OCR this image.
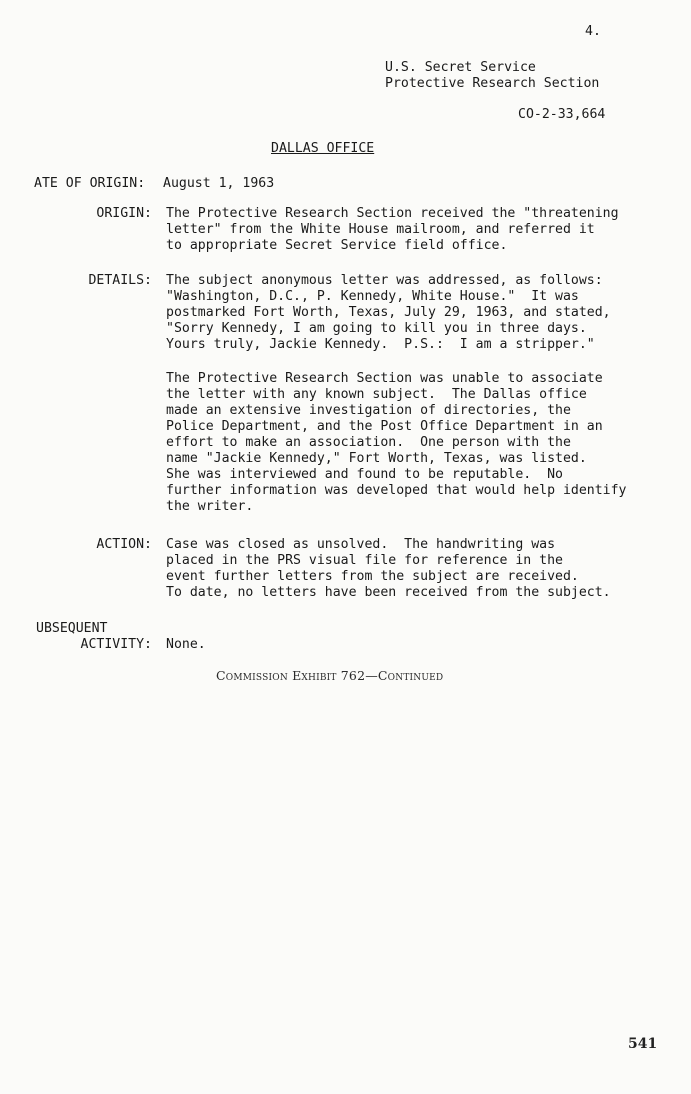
4.
U.S. Secret Service
Protective Research Section
CO-2-33,664
DALLAS OFFICE
ATE OF ORIGIN: August 1, 1963
ORIGIN: The Protective Research Section received the "threatening
letter" from the White House mailroom, and referred it
to appropriate Secret Service field office.
DETAILS: The subject anonymous letter was addressed, as follows:
"Washington, D.C., P. Kennedy, White House."  It was
postmarked Fort Worth, Texas, July 29, 1963, and stated,
"Sorry Kennedy, I am going to kill you in three days.
Yours truly, Jackie Kennedy.  P.S.:  I am a stripper."
The Protective Research Section was unable to associate
the letter with any known subject.  The Dallas office
made an extensive investigation of directories, the
Police Department, and the Post Office Department in an
effort to make an association.  One person with the
name "Jackie Kennedy," Fort Worth, Texas, was listed.
She was interviewed and found to be reputable.  No
further information was developed that would help identify
the writer.
ACTION: Case was closed as unsolved.  The handwriting was
placed in the PRS visual file for reference in the
event further letters from the subject are received.
To date, no letters have been received from the subject.
UBSEQUENT
ACTIVITY: None.
Commission Exhibit 762—Continued
541
